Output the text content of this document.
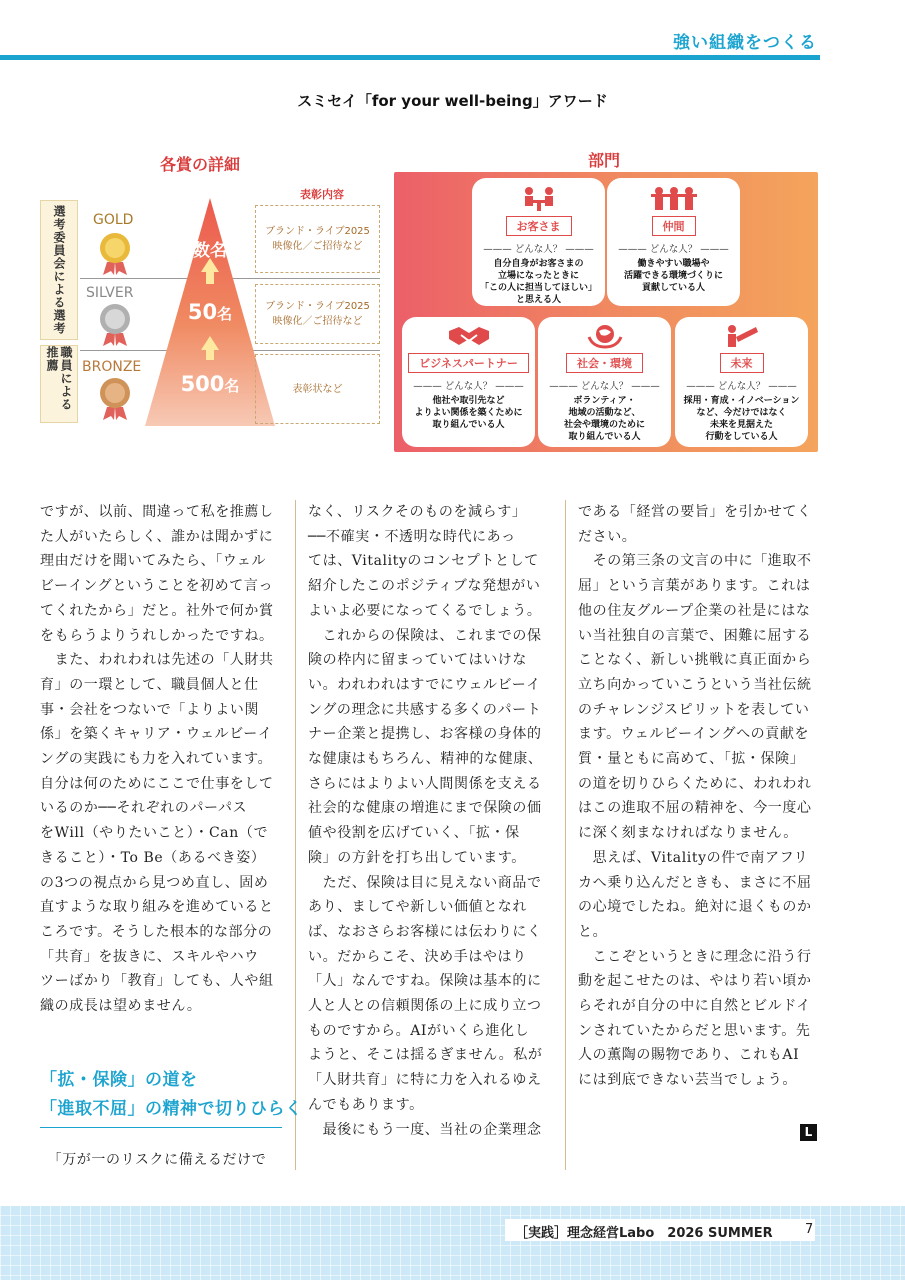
強い組織をつくる
スミセイ「for your well-being」アワード
各賞の詳細
表彰内容
選考委員会による選考
職員による推薦
数名
50名
500名
GOLD
SILVER
BRONZE
ブランド・ライブ2025
映像化／ご招待など
ブランド・ライブ2025
映像化／ご招待など
表彰状など
部門
お客さま
——— どんな人？ ———
自分自身がお客さまの
立場になったときに
「この人に担当してほしい」
と思える人
仲間
——— どんな人？ ———
働きやすい職場や
活躍できる環境づくりに
貢献している人
ビジネスパートナー
——— どんな人？ ———
他社や取引先など
よりよい関係を築くために
取り組んでいる人
社会・環境
——— どんな人？ ———
ボランティア・
地域の活動など、
社会や環境のために
取り組んでいる人
未来
——— どんな人？ ———
採用・育成・イノベーション
など、今だけではなく
未来を見据えた
行動をしている人

ですが、以前、間違って私を推薦し

た人がいたらしく、誰かは聞かずに

理由だけを聞いてみたら、「ウェル

ビーイングということを初めて言っ

てくれたから」だと。社外で何か賞

をもらうよりうれしかったですね。

　また、われわれは先述の「人財共

育」の一環として、職員個人と仕

事・会社をつないで「よりよい関

係」を築くキャリア・ウェルビーイ

ングの実践にも力を入れています。

自分は何のためにここで仕事をして

いるのか──それぞれのパーパス

をWill（やりたいこと）・Can（で

きること）・To Be（あるべき姿）

の3つの視点から見つめ直し、固め

直すような取り組みを進めていると

ころです。そうした根本的な部分の

「共育」を抜きに、スキルやハウ

ツーばかり「教育」しても、人や組

織の成長は望めません。

「拡・保険」の道を
「進取不屈」の精神で切りひらく
　「万が一のリスクに備えるだけで

なく、リスクそのものを減らす」

──不確実・不透明な時代にあっ

ては、Vitalityのコンセプトとして

紹介したこのポジティブな発想がい

よいよ必要になってくるでしょう。

　これからの保険は、これまでの保

険の枠内に留まっていてはいけな

い。われわれはすでにウェルビーイ

ングの理念に共感する多くのパート

ナー企業と提携し、お客様の身体的

な健康はもちろん、精神的な健康、

さらにはよりよい人間関係を支える

社会的な健康の増進にまで保険の価

値や役割を広げていく、「拡・保

険」の方針を打ち出しています。

　ただ、保険は目に見えない商品で

あり、ましてや新しい価値となれ

ば、なおさらお客様には伝わりにく

い。だからこそ、決め手はやはり

「人」なんですね。保険は基本的に

人と人との信頼関係の上に成り立つ

ものですから。AIがいくら進化し

ようと、そこは揺るぎません。私が

「人財共育」に特に力を入れるゆえ

んでもあります。

　最後にもう一度、当社の企業理念

である「経営の要旨」を引かせてく

ださい。

　その第三条の文言の中に「進取不

屈」という言葉があります。これは

他の住友グループ企業の社是にはな

い当社独自の言葉で、困難に屈する

ことなく、新しい挑戦に真正面から

立ち向かっていこうという当社伝統

のチャレンジスピリットを表してい

ます。ウェルビーイングへの貢献を

質・量ともに高めて、「拡・保険」

の道を切りひらくために、われわれ

はこの進取不屈の精神を、今一度心

に深く刻まなければなりません。

　思えば、Vitalityの件で南アフリ

カへ乗り込んだときも、まさに不屈

の心境でしたね。絶対に退くものか

と。

　ここぞというときに理念に沿う行

動を起こせたのは、やはり若い頃か

らそれが自分の中に自然とビルドイ

ンされていたからだと思います。先

人の薫陶の賜物であり、これもAI

には到底できない芸当でしょう。

L
［実践］理念経営Labo　2026 SUMMER 7
